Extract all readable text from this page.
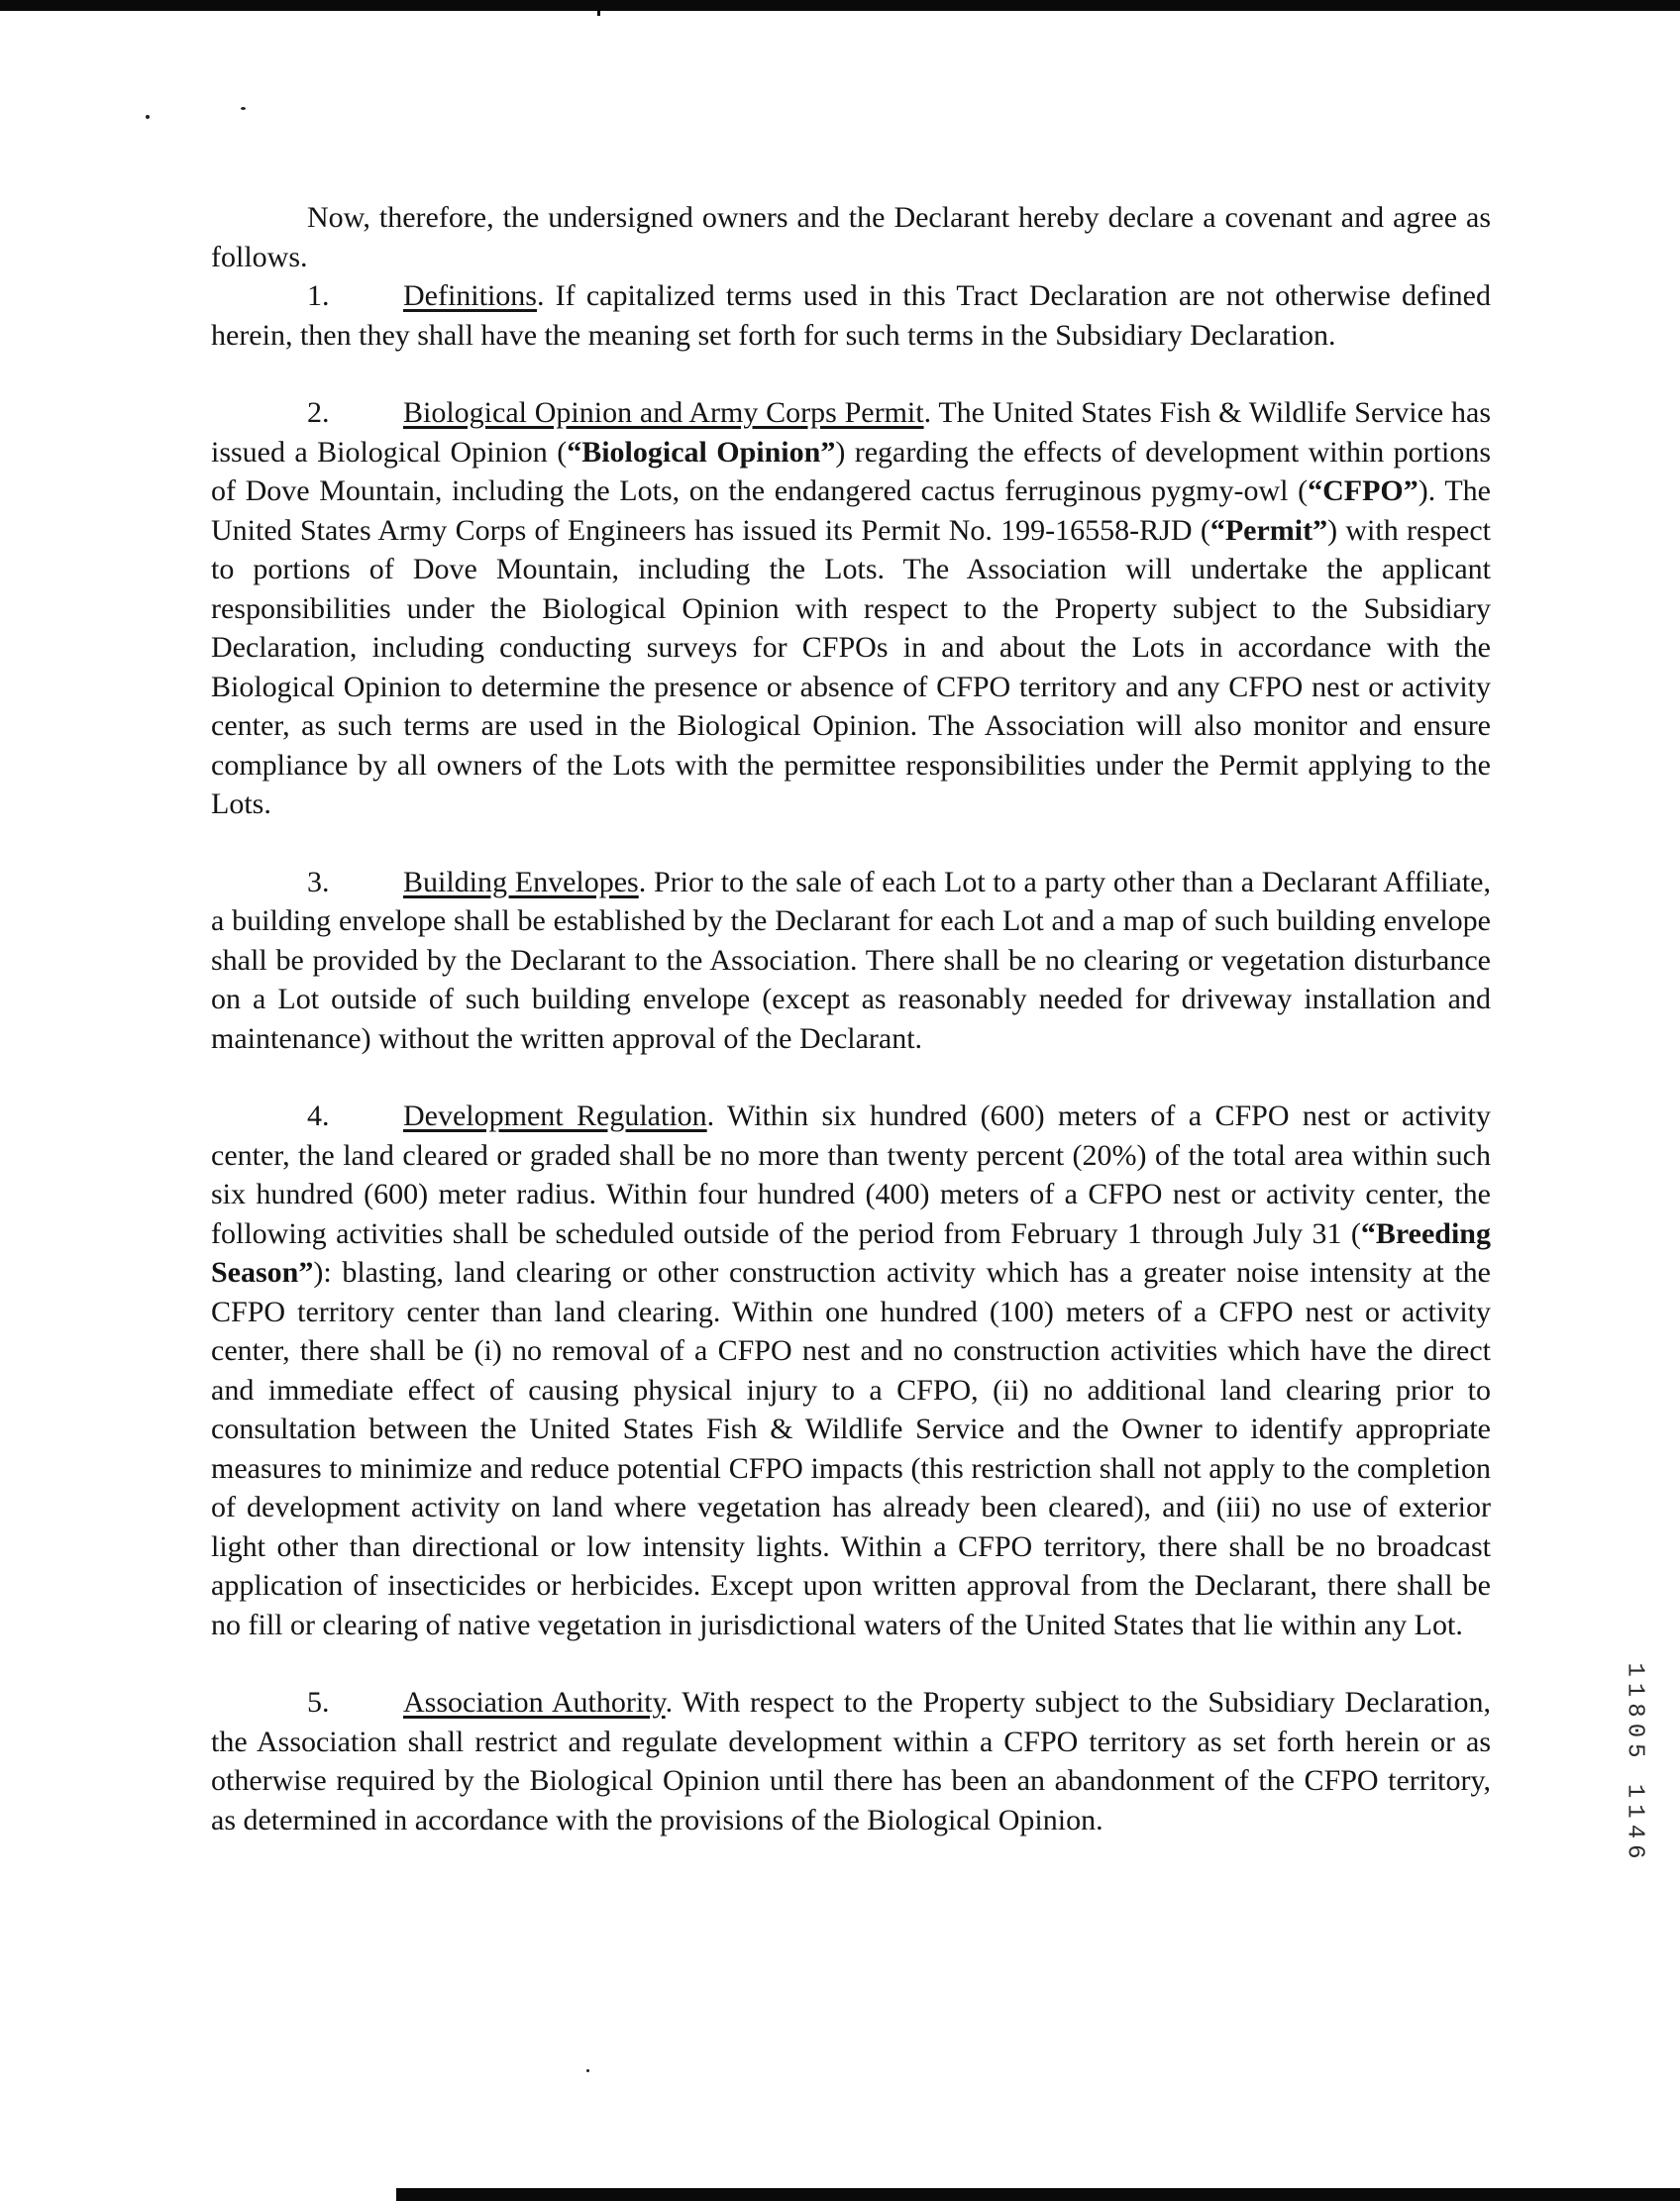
Now, therefore, the undersigned owners and the Declarant hereby declare a covenant and agree as follows.

1. Definitions. If capitalized terms used in this Tract Declaration are not otherwise defined herein, then they shall have the meaning set forth for such terms in the Subsidiary Declaration.

2. Biological Opinion and Army Corps Permit. The United States Fish & Wildlife Service has issued a Biological Opinion (“Biological Opinion”) regarding the effects of development within portions of Dove Mountain, including the Lots, on the endangered cactus ferruginous pygmy-owl (“CFPO”). The United States Army Corps of Engineers has issued its Permit No. 199-16558-RJD (“Permit”) with respect to portions of Dove Mountain, including the Lots. The Association will undertake the applicant responsibilities under the Biological Opinion with respect to the Property subject to the Subsidiary Declaration, including conducting surveys for CFPOs in and about the Lots in accordance with the Biological Opinion to determine the presence or absence of CFPO territory and any CFPO nest or activity center, as such terms are used in the Biological Opinion. The Association will also monitor and ensure compliance by all owners of the Lots with the permittee responsibilities under the Permit applying to the Lots.

3. Building Envelopes. Prior to the sale of each Lot to a party other than a Declarant Affiliate, a building envelope shall be established by the Declarant for each Lot and a map of such building envelope shall be provided by the Declarant to the Association. There shall be no clearing or vegetation disturbance on a Lot outside of such building envelope (except as reasonably needed for driveway installation and maintenance) without the written approval of the Declarant.

4. Development Regulation. Within six hundred (600) meters of a CFPO nest or activity center, the land cleared or graded shall be no more than twenty percent (20%) of the total area within such six hundred (600) meter radius. Within four hundred (400) meters of a CFPO nest or activity center, the following activities shall be scheduled outside of the period from February 1 through July 31 (“Breeding Season”): blasting, land clearing or other construction activity which has a greater noise intensity at the CFPO territory center than land clearing. Within one hundred (100) meters of a CFPO nest or activity center, there shall be (i) no removal of a CFPO nest and no construction activities which have the direct and immediate effect of causing physical injury to a CFPO, (ii) no additional land clearing prior to consultation between the United States Fish & Wildlife Service and the Owner to identify appropriate measures to minimize and reduce potential CFPO impacts (this restriction shall not apply to the completion of development activity on land where vegetation has already been cleared), and (iii) no use of exterior light other than directional or low intensity lights. Within a CFPO territory, there shall be no broadcast application of insecticides or herbicides. Except upon written approval from the Declarant, there shall be no fill or clearing of native vegetation in jurisdictional waters of the United States that lie within any Lot.

5. Association Authority. With respect to the Property subject to the Subsidiary Declaration, the Association shall restrict and regulate development within a CFPO territory as set forth herein or as otherwise required by the Biological Opinion until there has been an abandonment of the CFPO territory, as determined in accordance with the provisions of the Biological Opinion.	11805 1146
